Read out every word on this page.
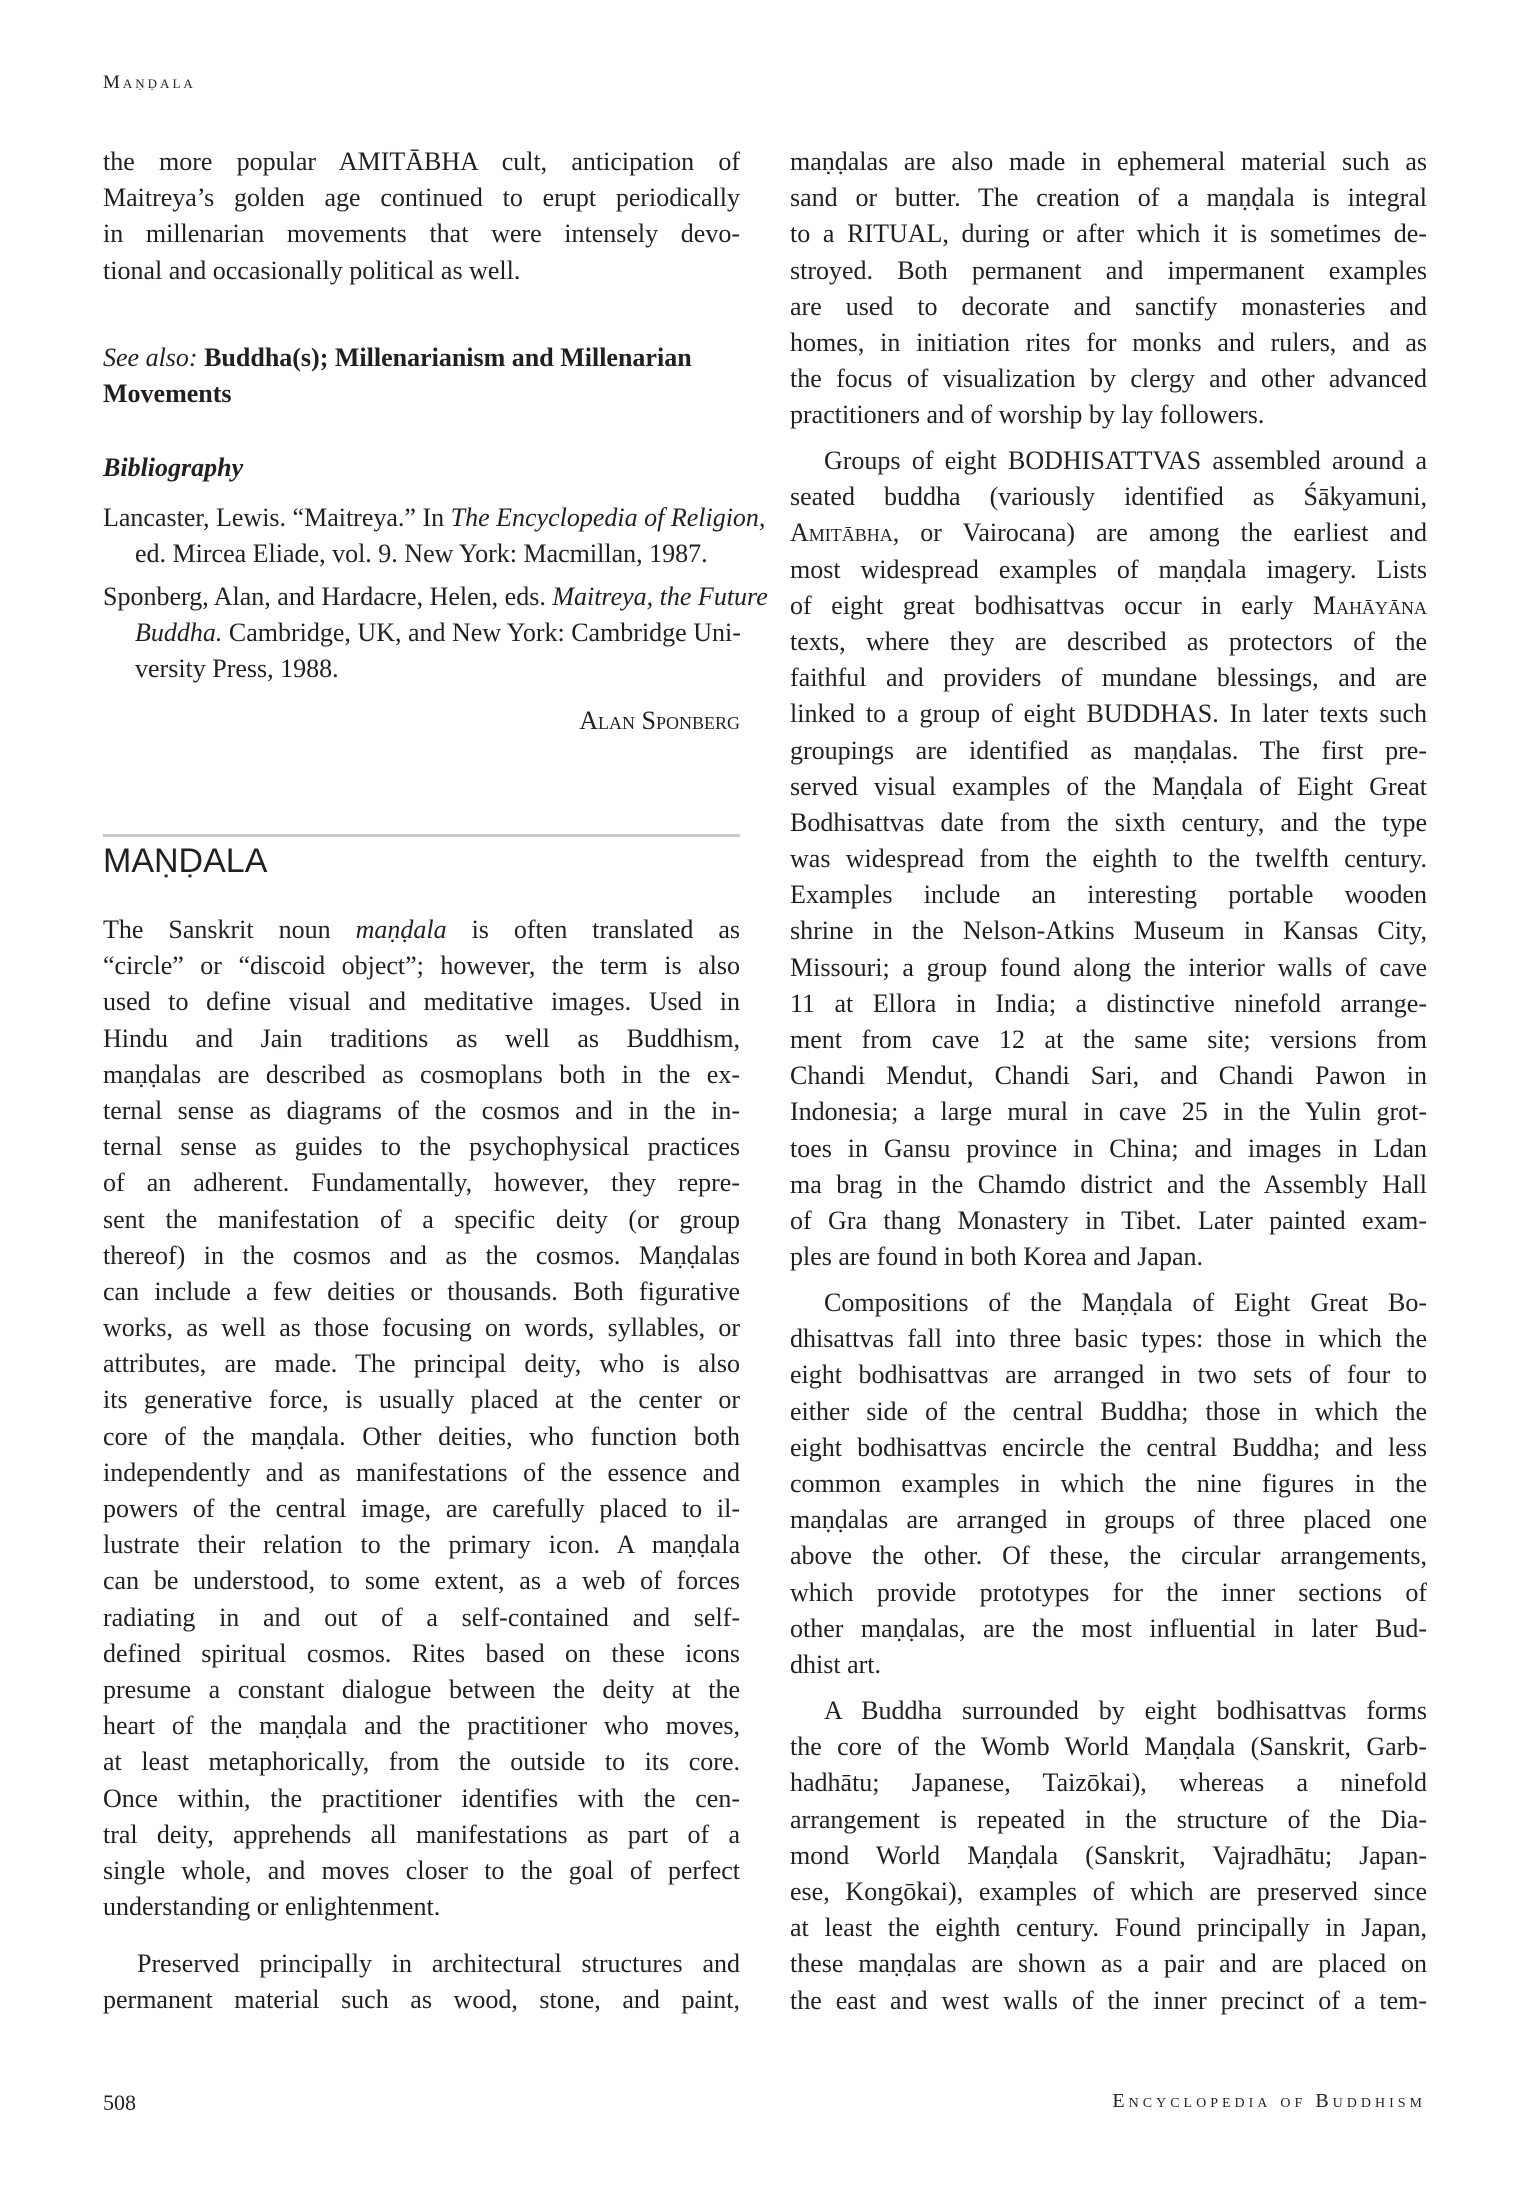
Maṇḍala
the more popular AMITĀBHA cult, anticipation of
Maitreya’s golden age continued to erupt periodically
in millenarian movements that were intensely devo-
tional and occasionally political as well.
See also: Buddha(s); Millenarianism and Millenarian
Movements
Bibliography
Lancaster, Lewis. “Maitreya.” In The Encyclopedia of Religion,
ed. Mircea Eliade, vol. 9. New York: Macmillan, 1987.
Sponberg, Alan, and Hardacre, Helen, eds. Maitreya, the Future
Buddha. Cambridge, UK, and New York: Cambridge Uni-
versity Press, 1988.
Alan Sponberg
The Sanskrit noun maṇḍala is often translated as
“circle” or “discoid object”; however, the term is also
used to define visual and meditative images. Used in
Hindu and Jain traditions as well as Buddhism,
maṇḍalas are described as cosmoplans both in the ex-
ternal sense as diagrams of the cosmos and in the in-
ternal sense as guides to the psychophysical practices
of an adherent. Fundamentally, however, they repre-
sent the manifestation of a specific deity (or group
thereof) in the cosmos and as the cosmos. Maṇḍalas
can include a few deities or thousands. Both figurative
works, as well as those focusing on words, syllables, or
attributes, are made. The principal deity, who is also
its generative force, is usually placed at the center or
core of the maṇḍala. Other deities, who function both
independently and as manifestations of the essence and
powers of the central image, are carefully placed to il-
lustrate their relation to the primary icon. A maṇḍala
can be understood, to some extent, as a web of forces
radiating in and out of a self-contained and self-
defined spiritual cosmos. Rites based on these icons
presume a constant dialogue between the deity at the
heart of the maṇḍala and the practitioner who moves,
at least metaphorically, from the outside to its core.
Once within, the practitioner identifies with the cen-
tral deity, apprehends all manifestations as part of a
single whole, and moves closer to the goal of perfect
understanding or enlightenment.
Preserved principally in architectural structures and
permanent material such as wood, stone, and paint,
MAṆḌALA
maṇḍalas are also made in ephemeral material such as
sand or butter. The creation of a maṇḍala is integral
to a RITUAL, during or after which it is sometimes de-
stroyed. Both permanent and impermanent examples
are used to decorate and sanctify monasteries and
homes, in initiation rites for monks and rulers, and as
the focus of visualization by clergy and other advanced
practitioners and of worship by lay followers.
Groups of eight BODHISATTVAS assembled around a
seated buddha (variously identified as Śākyamuni,
Amitābha, or Vairocana) are among the earliest and
most widespread examples of maṇḍala imagery. Lists
of eight great bodhisattvas occur in early Mahāyāna
texts, where they are described as protectors of the
faithful and providers of mundane blessings, and are
linked to a group of eight BUDDHAS. In later texts such
groupings are identified as maṇḍalas. The first pre-
served visual examples of the Maṇḍala of Eight Great
Bodhisattvas date from the sixth century, and the type
was widespread from the eighth to the twelfth century.
Examples include an interesting portable wooden
shrine in the Nelson-Atkins Museum in Kansas City,
Missouri; a group found along the interior walls of cave
11 at Ellora in India; a distinctive ninefold arrange-
ment from cave 12 at the same site; versions from
Chandi Mendut, Chandi Sari, and Chandi Pawon in
Indonesia; a large mural in cave 25 in the Yulin grot-
toes in Gansu province in China; and images in Ldan
ma brag in the Chamdo district and the Assembly Hall
of Gra thang Monastery in Tibet. Later painted exam-
ples are found in both Korea and Japan.
Compositions of the Maṇḍala of Eight Great Bo-
dhisattvas fall into three basic types: those in which the
eight bodhisattvas are arranged in two sets of four to
either side of the central Buddha; those in which the
eight bodhisattvas encircle the central Buddha; and less
common examples in which the nine figures in the
maṇḍalas are arranged in groups of three placed one
above the other. Of these, the circular arrangements,
which provide prototypes for the inner sections of
other maṇḍalas, are the most influential in later Bud-
dhist art.
A Buddha surrounded by eight bodhisattvas forms
the core of the Womb World Maṇḍala (Sanskrit, Garb-
hadhātu; Japanese, Taizōkai), whereas a ninefold
arrangement is repeated in the structure of the Dia-
mond World Maṇḍala (Sanskrit, Vajradhātu; Japan-
ese, Kongōkai), examples of which are preserved since
at least the eighth century. Found principally in Japan,
these maṇḍalas are shown as a pair and are placed on
the east and west walls of the inner precinct of a tem-
508	Encyclopedia of Buddhism
